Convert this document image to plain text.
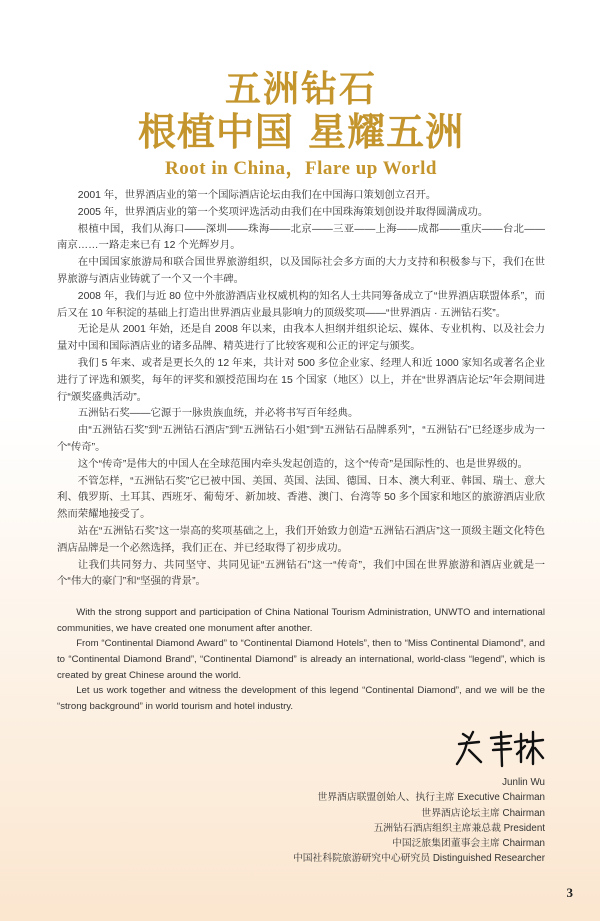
五洲钻石
根植中国 星耀五洲
Root in China，Flare up World

2001 年，世界酒店业的第一个国际酒店论坛由我们在中国海口策划创立召开。

2005 年，世界酒店业的第一个奖项评选活动由我们在中国珠海策划创设并取得圆满成功。

根植中国，我们从海口——深圳——珠海——北京——三亚——上海——成都——重庆——台北——南京……一路走来已有 12 个光辉岁月。

在中国国家旅游局和联合国世界旅游组织，以及国际社会多方面的大力支持和积极参与下，我们在世界旅游与酒店业铸就了一个又一个丰碑。

2008 年，我们与近 80 位中外旅游酒店业权威机构的知名人士共同筹备成立了“世界酒店联盟体系”，而后又在 10 年积淀的基础上打造出世界酒店业最具影响力的顶级奖项——“世界酒店 · 五洲钻石奖”。

无论是从 2001 年始，还是自 2008 年以来，由我本人担纲并组织论坛、媒体、专业机构、以及社会力量对中国和国际酒店业的诸多品牌、精英进行了比较客观和公正的评定与颁奖。

我们 5 年来、或者是更长久的 12 年来，共计对 500 多位企业家、经理人和近 1000 家知名或著名企业进行了评选和颁奖，每年的评奖和颁授范围均在 15 个国家（地区）以上，并在“世界酒店论坛”年会期间进行“颁奖盛典活动”。

五洲钻石奖——它源于一脉贵族血统，并必将书写百年经典。

由“五洲钻石奖”到“五洲钻石酒店”到“五洲钻石小姐”到“五洲钻石品牌系列”，“五洲钻石”已经逐步成为一个“传奇”。

这个“传奇”是伟大的中国人在全球范围内牵头发起创造的，这个“传奇”是国际性的、也是世界级的。

不管怎样，“五洲钻石奖”它已被中国、美国、英国、法国、德国、日本、澳大利亚、韩国、瑞士、意大利、俄罗斯、土耳其、西班牙、葡萄牙、新加坡、香港、澳门、台湾等 50 多个国家和地区的旅游酒店业欣然而荣耀地接受了。

站在“五洲钻石奖”这一崇高的奖项基础之上，我们开始致力创造“五洲钻石酒店”这一顶级主题文化特色酒店品牌是一个必然选择，我们正在、并已经取得了初步成功。

让我们共同努力、共同坚守、共同见证“五洲钻石”这一“传奇”，我们中国在世界旅游和酒店业就是一个“伟大的豪门”和“坚强的背景”。

With the strong support and participation of China National Tourism Administration, UNWTO and international communities, we have created one monument after another.

From “Continental Diamond Award” to “Continental Diamond Hotels”, then to “Miss Continental Diamond”, and to “Continental Diamond Brand”, “Continental Diamond” is already an international, world-class “legend”, which is created by great Chinese around the world.

Let us work together and witness the development of this legend “Continental Diamond”, and we will be the “strong background” in world tourism and hotel industry.

Junlin Wu
世界酒店联盟创始人、执行主席 Executive Chairman
世界酒店论坛主席 Chairman
五洲钻石酒店组织主席兼总裁 President
中国泛旅集团董事会主席 Chairman
中国社科院旅游研究中心研究员 Distinguished Researcher
3
